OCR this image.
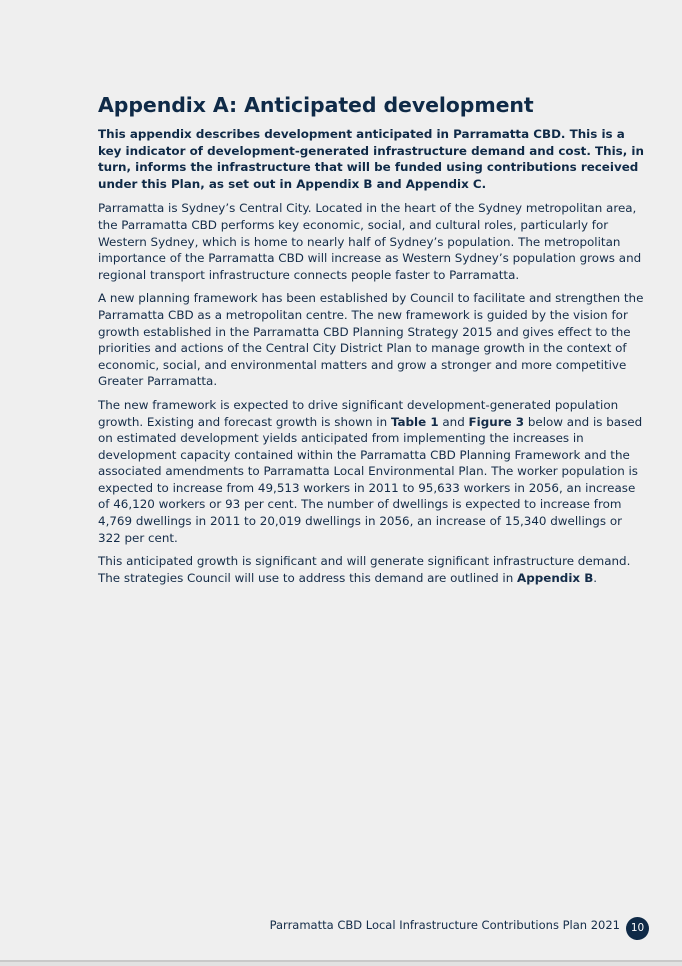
Appendix A: Anticipated development

This appendix describes development anticipated in Parramatta CBD. This is a key indicator of development-generated infrastructure demand and cost. This, in turn, informs the infrastructure that will be funded using contributions received under this Plan, as set out in Appendix B and Appendix C.

Parramatta is Sydney’s Central City. Located in the heart of the Sydney metropolitan area, the Parramatta CBD performs key economic, social, and cultural roles, particularly for Western Sydney, which is home to nearly half of Sydney’s population. The metropolitan importance of the Parramatta CBD will increase as Western Sydney’s population grows and regional transport infrastructure connects people faster to Parramatta.

A new planning framework has been established by Council to facilitate and strengthen the Parramatta CBD as a metropolitan centre. The new framework is guided by the vision for growth established in the Parramatta CBD Planning Strategy 2015 and gives effect to the priorities and actions of the Central City District Plan to manage growth in the context of economic, social, and environmental matters and grow a stronger and more competitive Greater Parramatta.

The new framework is expected to drive significant development-generated population growth. Existing and forecast growth is shown in Table 1 and Figure 3 below and is based on estimated development yields anticipated from implementing the increases in development capacity contained within the Parramatta CBD Planning Framework and the associated amendments to Parramatta Local Environmental Plan. The worker population is expected to increase from 49,513 workers in 2011 to 95,633 workers in 2056, an increase of 46,120 workers or 93 per cent. The number of dwellings is expected to increase from 4,769 dwellings in 2011 to 20,019 dwellings in 2056, an increase of 15,340 dwellings or 322 per cent.

This anticipated growth is significant and will generate significant infrastructure demand. The strategies Council will use to address this demand are outlined in Appendix B.

Parramatta CBD Local Infrastructure Contributions Plan 2021	10
